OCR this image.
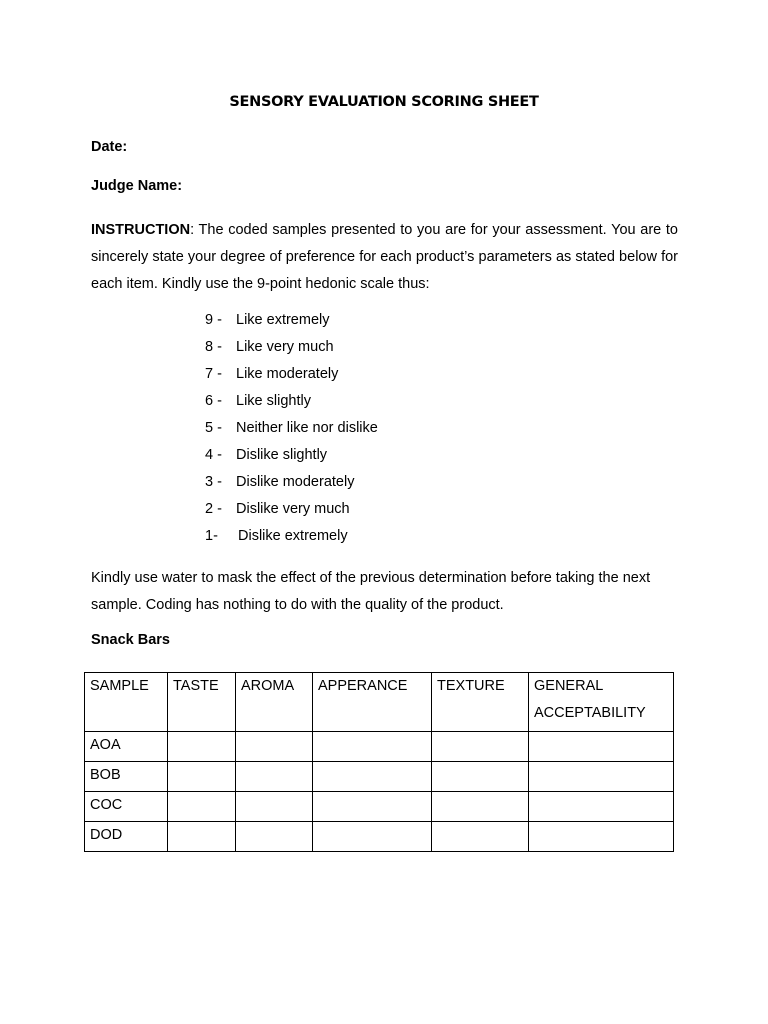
SENSORY EVALUATION SCORING SHEET
Date:
Judge Name:
INSTRUCTION: The coded samples presented to you are for your assessment. You are to sincerely state your degree of preference for each product’s parameters as stated below for each item. Kindly use the 9-point hedonic scale thus:
9 - Like extremely
8 - Like very much
7 - Like moderately
6 - Like slightly
5 - Neither like nor dislike
4 - Dislike slightly
3 - Dislike moderately
2 - Dislike very much
1- Dislike extremely
Kindly use water to mask the effect of the previous determination before taking the next sample. Coding has nothing to do with the quality of the product.
Snack Bars
SAMPLE	TASTE	AROMA	APPERANCE	TEXTURE	GENERAL ACCEPTABILITY
AOA					
BOB					
COC					
DOD					
